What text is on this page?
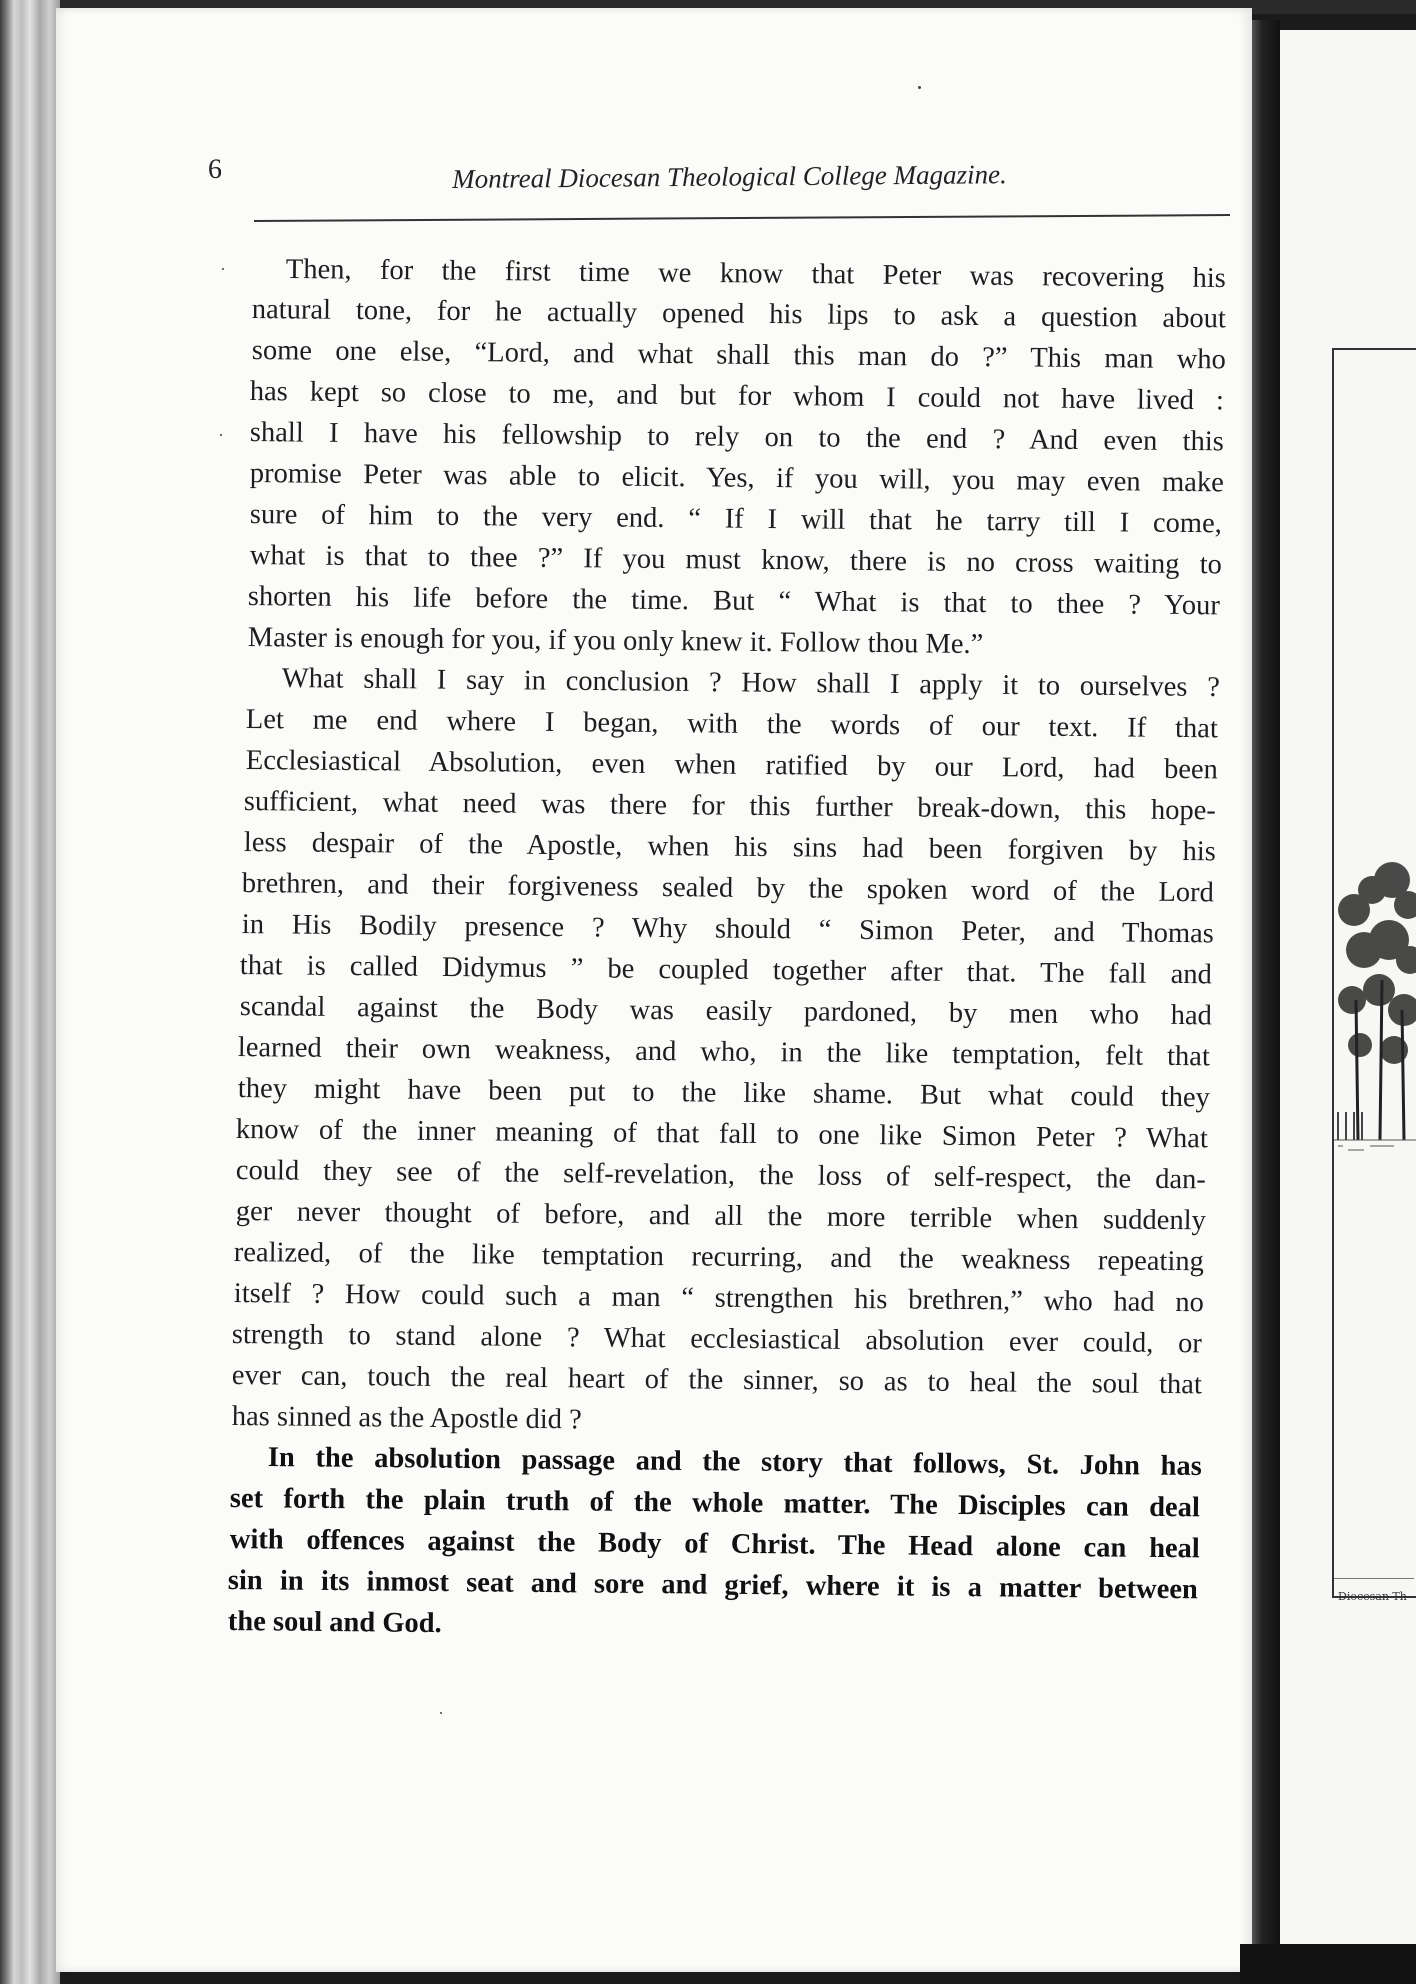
Diocesan Th
6	Montreal Diocesan Theological College Magazine.
Then, for the first time we know that Peter was recovering his
natural tone, for he actually opened his lips to ask a question about
some one else, “Lord, and what shall this man do ?” This man who
has kept so close to me, and but for whom I could not have lived :
shall I have his fellowship to rely on to the end ? And even this
promise Peter was able to elicit. Yes, if you will, you may even make
sure of him to the very end. “ If I will that he tarry till I come,
what is that to thee ?” If you must know, there is no cross waiting to
shorten his life before the time. But “ What is that to thee ? Your
Master is enough for you, if you only knew it. Follow thou Me.”
What shall I say in conclusion ? How shall I apply it to ourselves ?
Let me end where I began, with the words of our text. If that
Ecclesiastical Absolution, even when ratified by our Lord, had been
sufficient, what need was there for this further break-down, this hope-
less despair of the Apostle, when his sins had been forgiven by his
brethren, and their forgiveness sealed by the spoken word of the Lord
in His Bodily presence ? Why should “ Simon Peter, and Thomas
that is called Didymus ” be coupled together after that. The fall and
scandal against the Body was easily pardoned, by men who had
learned their own weakness, and who, in the like temptation, felt that
they might have been put to the like shame. But what could they
know of the inner meaning of that fall to one like Simon Peter ? What
could they see of the self-revelation, the loss of self-respect, the dan-
ger never thought of before, and all the more terrible when suddenly
realized, of the like temptation recurring, and the weakness repeating
itself ? How could such a man “ strengthen his brethren,” who had no
strength to stand alone ? What ecclesiastical absolution ever could, or
ever can, touch the real heart of the sinner, so as to heal the soul that
has sinned as the Apostle did ?
In the absolution passage and the story that follows, St. John has
set forth the plain truth of the whole matter. The Disciples can deal
with offences against the Body of Christ. The Head alone can heal
sin in its inmost seat and sore and grief, where it is a matter between
the soul and God.
